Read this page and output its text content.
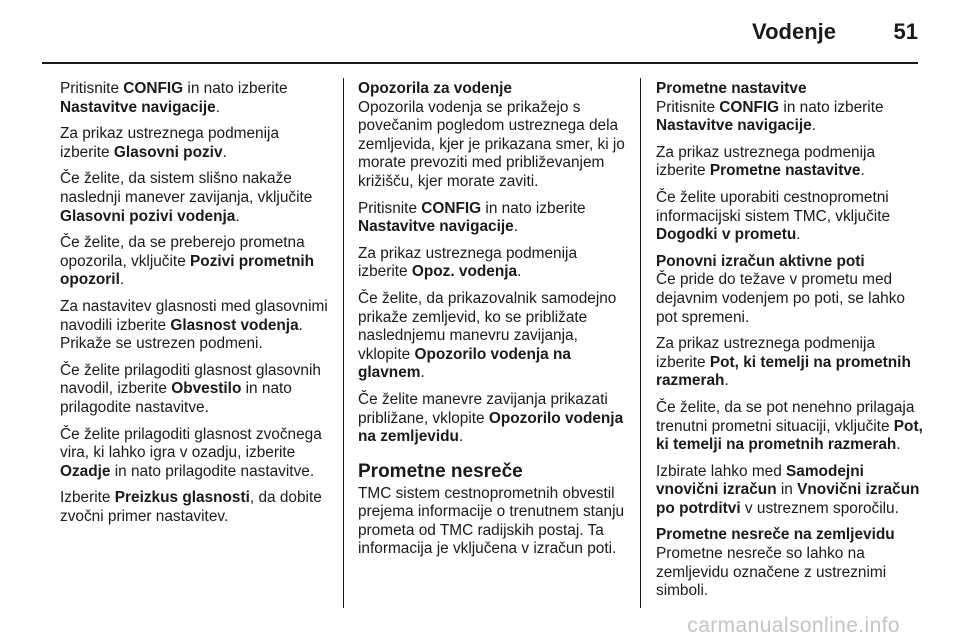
Vodenje	51

Pritisnite CONFIG in nato izberite Nastavitve navigacije.

Za prikaz ustreznega podmenija izberite Glasovni poziv.

Če želite, da sistem slišno nakaže naslednji manever zavijanja, vključite Glasovni pozivi vodenja.

Če želite, da se preberejo prometna opozorila, vključite Pozivi prometnih opozoril.

Za nastavitev glasnosti med glasovnimi navodili izberite Glasnost vodenja. Prikaže se ustrezen podmeni.

Če želite prilagoditi glasnost glasovnih navodil, izberite Obvestilo in nato prilagodite nastavitve.

Če želite prilagoditi glasnost zvočnega vira, ki lahko igra v ozadju, izberite Ozadje in nato prilagodite nastavitve.

Izberite Preizkus glasnosti, da dobite zvočni primer nastavitev.

Opozorila za vodenje

Opozorila vodenja se prikažejo s povečanim pogledom ustreznega dela zemljevida, kjer je prikazana smer, ki jo morate prevoziti med približevanjem križišču, kjer morate zaviti.

Pritisnite CONFIG in nato izberite Nastavitve navigacije.

Za prikaz ustreznega podmenija izberite Opoz. vodenja.

Če želite, da prikazovalnik samodejno prikaže zemljevid, ko se približate naslednjemu manevru zavijanja, vklopite Opozorilo vodenja na glavnem.

Če želite manevre zavijanja prikazati približane, vklopite Opozorilo vodenja na zemljevidu.

Prometne nesreče

TMC sistem cestnoprometnih obvestil prejema informacije o trenutnem stanju prometa od TMC radijskih postaj. Ta informacija je vključena v izračun poti.

Prometne nastavitve

Pritisnite CONFIG in nato izberite Nastavitve navigacije.

Za prikaz ustreznega podmenija izberite Prometne nastavitve.

Če želite uporabiti cestnoprometni informacijski sistem TMC, vključite Dogodki v prometu.

Ponovni izračun aktivne poti

Če pride do težave v prometu med dejavnim vodenjem po poti, se lahko pot spremeni.

Za prikaz ustreznega podmenija izberite Pot, ki temelji na prometnih razmerah.

Če želite, da se pot nenehno prilagaja trenutni prometni situaciji, vključite Pot, ki temelji na prometnih razmerah.

Izbirate lahko med Samodejni vnovični izračun in Vnovični izračun po potrditvi v ustreznem sporočilu.

Prometne nesreče na zemljevidu

Prometne nesreče so lahko na zemljevidu označene z ustreznimi simboli.

carmanualsonline.info
